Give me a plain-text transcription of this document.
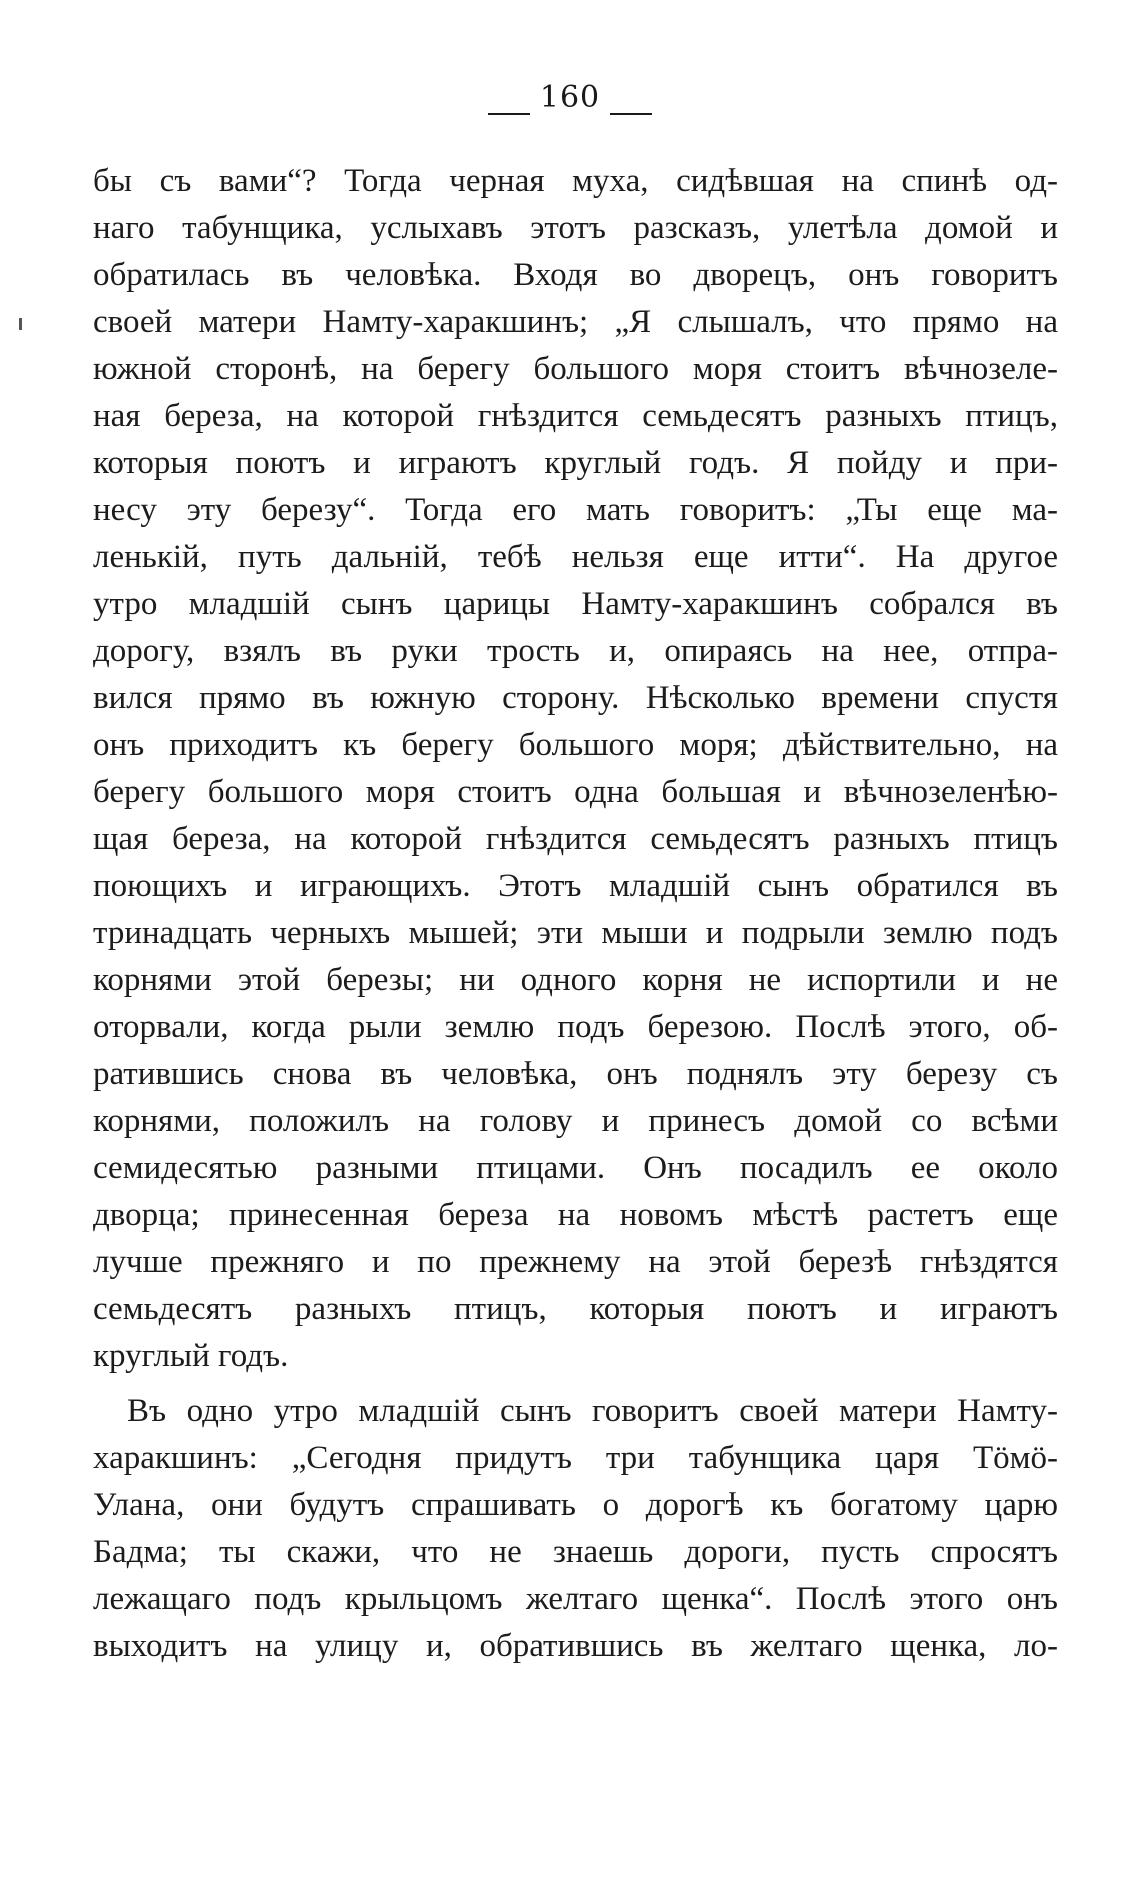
160
бы съ вами“? Тогда черная муха, сидѣвшая на спинѣ од-
наго табунщика, услыхавъ этотъ разсказъ, улетѣла домой и
обратилась въ человѣка. Входя во дворецъ, онъ говоритъ
своей матери Намту-харакшинъ; „Я слышалъ, что прямо на
южной сторонѣ, на берегу большого моря стоитъ вѣчнозеле-
ная береза, на которой гнѣздится семьдесятъ разныхъ птицъ,
которыя поютъ и играютъ круглый годъ. Я пойду и при-
несу эту березу“. Тогда его мать говоритъ: „Ты еще ма-
ленькій, путь дальній, тебѣ нельзя еще итти“. На другое
утро младшій сынъ царицы Намту-харакшинъ собрался въ
дорогу, взялъ въ руки трость и, опираясь на нее, отпра-
вился прямо въ южную сторону. Нѣсколько времени спустя
онъ приходитъ къ берегу большого моря; дѣйствительно, на
берегу большого моря стоитъ одна большая и вѣчнозеленѣю-
щая береза, на которой гнѣздится семьдесятъ разныхъ птицъ
поющихъ и играющихъ. Этотъ младшій сынъ обратился въ
тринадцать черныхъ мышей; эти мыши и подрыли землю подъ
корнями этой березы; ни одного корня не испортили и не
оторвали, когда рыли землю подъ березою. Послѣ этого, об-
ратившись снова въ человѣка, онъ поднялъ эту березу съ
корнями, положилъ на голову и принесъ домой со всѣми
семидесятью разными птицами. Онъ посадилъ ее около
дворца; принесенная береза на новомъ мѣстѣ растетъ еще
лучше прежняго и по прежнему на этой березѣ гнѣздятся
семьдесятъ разныхъ птицъ, которыя поютъ и играютъ
круглый годъ.
Въ одно утро младшій сынъ говоритъ своей матери Намту-
харакшинъ: „Сегодня придутъ три табунщика царя Тӧмӧ-
Улана, они будутъ спрашивать о дорогѣ къ богатому царю
Бадма; ты скажи, что не знаешь дороги, пусть спросятъ
лежащаго подъ крыльцомъ желтаго щенка“. Послѣ этого онъ
выходитъ на улицу и, обратившись въ желтаго щенка, ло-
